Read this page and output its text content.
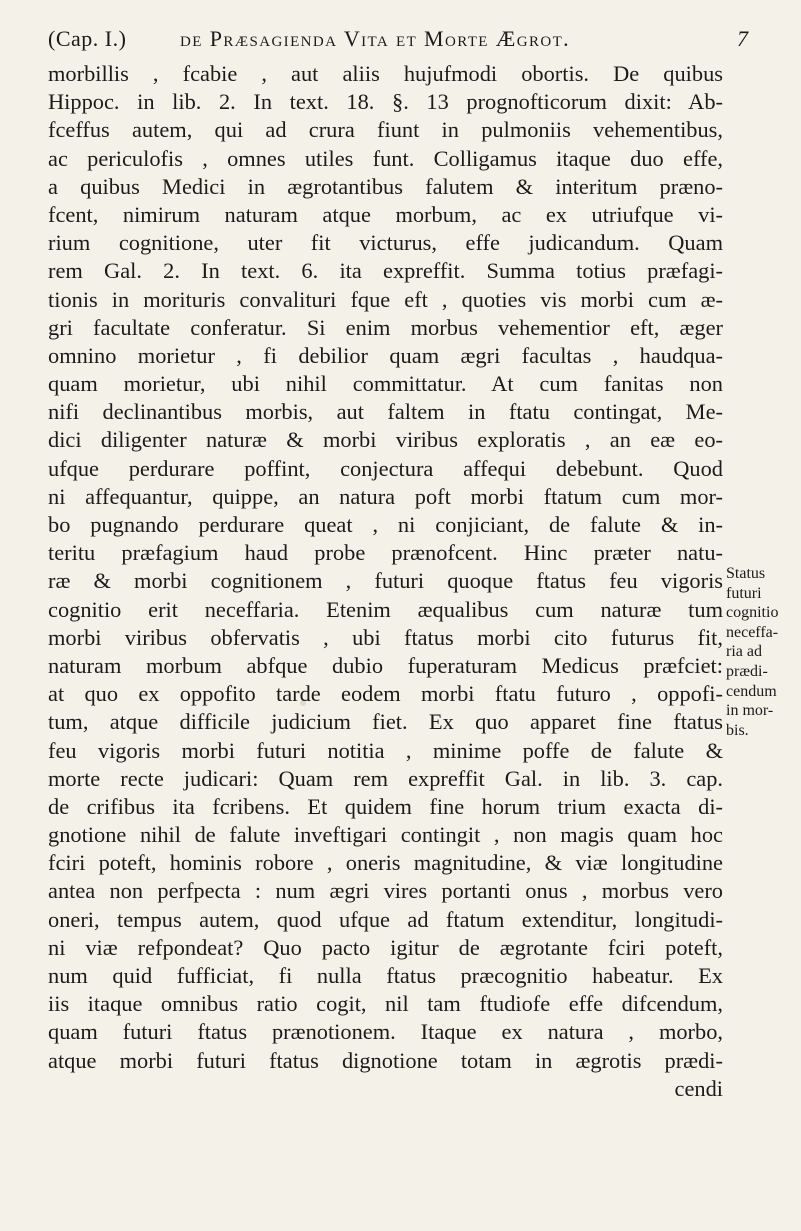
(Cap. I.) de Præsagienda Vita et Morte Ægrot.	7
morbillis , fcabie , aut aliis hujufmodi obortis. De quibus
Hippoc. in lib. 2. In text. 18. §. 13 prognofticorum dixit: Ab-
fceffus autem, qui ad crura fiunt in pulmoniis vehementibus,
ac periculofis , omnes utiles funt. Colligamus itaque duo effe,
a quibus Medici in ægrotantibus falutem & interitum præno-
fcent, nimirum naturam atque morbum, ac ex utriufque vi-
rium cognitione, uter fit victurus, effe judicandum. Quam
rem Gal. 2. In text. 6. ita expreffit. Summa totius præfagi-
tionis in morituris convalituri fque eft , quoties vis morbi cum æ-
gri facultate conferatur. Si enim morbus vehementior eft, æger
omnino morietur , fi debilior quam ægri facultas , haudqua-
quam morietur, ubi nihil committatur. At cum fanitas non
nifi declinantibus morbis, aut faltem in ftatu contingat, Me-
dici diligenter naturæ & morbi viribus exploratis , an eæ eo-
ufque perdurare poffint, conjectura affequi debebunt. Quod
ni affequantur, quippe, an natura poft morbi ftatum cum mor-
bo pugnando perdurare queat , ni conjiciant, de falute & in-
teritu præfagium haud probe prænofcent. Hinc præter natu-
ræ & morbi cognitionem , futuri quoque ftatus feu vigoris
cognitio erit neceffaria. Etenim æqualibus cum naturæ tum
morbi viribus obfervatis , ubi ftatus morbi cito futurus fit,
naturam morbum abfque dubio fuperaturam Medicus præfciet:
at quo ex oppofito tarde eodem morbi ftatu futuro , oppofi-
tum, atque difficile judicium fiet. Ex quo apparet fine ftatus
feu vigoris morbi futuri notitia , minime poffe de falute &
morte recte judicari: Quam rem expreffit Gal. in lib. 3. cap.
de crifibus ita fcribens. Et quidem fine horum trium exacta di-
gnotione nihil de falute inveftigari contingit , non magis quam hoc
fciri poteft, hominis robore , oneris magnitudine, & viæ longitudine
antea non perfpecta : num ægri vires portanti onus , morbus vero
oneri, tempus autem, quod ufque ad ftatum extenditur, longitudi-
ni viæ refpondeat? Quo pacto igitur de ægrotante fciri poteft,
num quid fufficiat, fi nulla ftatus præcognitio habeatur. Ex
iis itaque omnibus ratio cogit, nil tam ftudiofe effe difcendum,
quam futuri ftatus prænotionem. Itaque ex natura , morbo,
atque morbi futuri ftatus dignotione totam in ægrotis prædi-
cendi
Status
futuri
cognitio
neceffa-
ria ad
prædi-
cendum
in mor-
bis.
